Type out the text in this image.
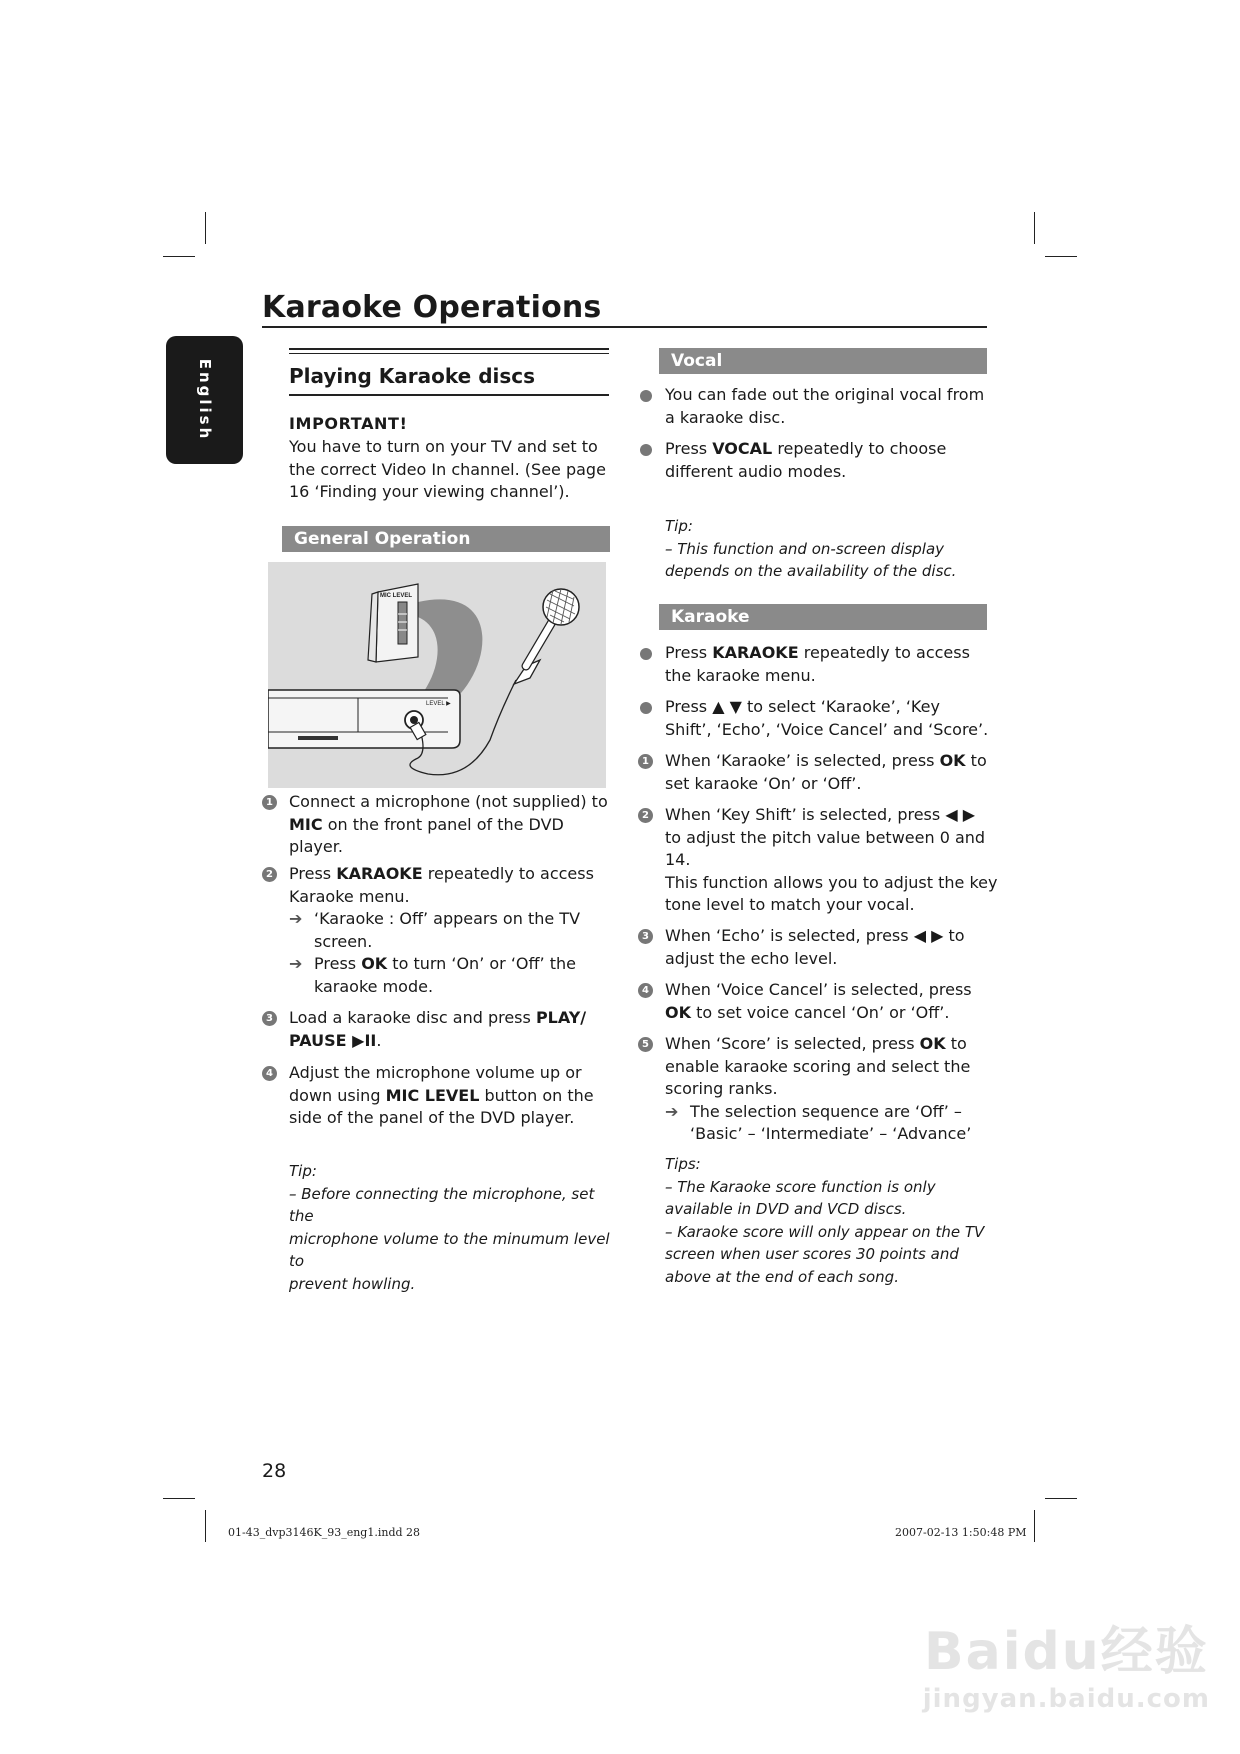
Karaoke Operations
English	Playing Karaoke discs
IMPORTANT!
You have to turn on your TV and set to
the correct Video In channel. (See page
16 ‘Finding your viewing channel’).
General Operation
MIC LEVEL
LEVEL ▶
1 Connect a microphone (not supplied) to
MIC on the front panel of the DVD
player.
2 Press KARAOKE repeatedly to access
Karaoke menu.
➔ ‘Karaoke : Off’ appears on the TV
screen.
➔ Press OK to turn ‘On’ or ‘Off’ the
karaoke mode.
3 Load a karaoke disc and press PLAY/
PAUSE ▶II.
4 Adjust the microphone volume up or
down using MIC LEVEL button on the
side of the panel of the DVD player.
Tip:
– Before connecting the microphone, set the
microphone volume to the minumum level to
prevent howling.
Vocal
You can fade out the original vocal from
a karaoke disc.
Press VOCAL repeatedly to choose
different audio modes.
Tip:
– This function and on-screen display
depends on the availability of the disc.
Karaoke
Press KARAOKE repeatedly to access
the karaoke menu.
Press ▲ ▼ to select ‘Karaoke’, ‘Key
Shift’, ‘Echo’, ‘Voice Cancel’ and ‘Score’.
1 When ‘Karaoke’ is selected, press OK to
set karaoke ‘On’ or ‘Off’.
2 When ‘Key Shift’ is selected, press ◀ ▶
to adjust the pitch value between 0 and
14.
This function allows you to adjust the key
tone level to match your vocal.
3 When ‘Echo’ is selected, press ◀ ▶ to
adjust the echo level.
4 When ‘Voice Cancel’ is selected, press
OK to set voice cancel ‘On’ or ‘Off’.
5 When ‘Score’ is selected, press OK to
enable karaoke scoring and select the
scoring ranks.
➔ The selection sequence are ‘Off’ –
‘Basic’ – ‘Intermediate’ – ‘Advance’
Tips:
– The Karaoke score function is only
available in DVD and VCD discs.
– Karaoke score will only appear on the TV
screen when user scores 30 points and
above at the end of each song.
28
01-43_dvp3146K_93_eng1.indd 28	2007-02-13 1:50:48 PM
Baidu经验
jingyan.baidu.com
